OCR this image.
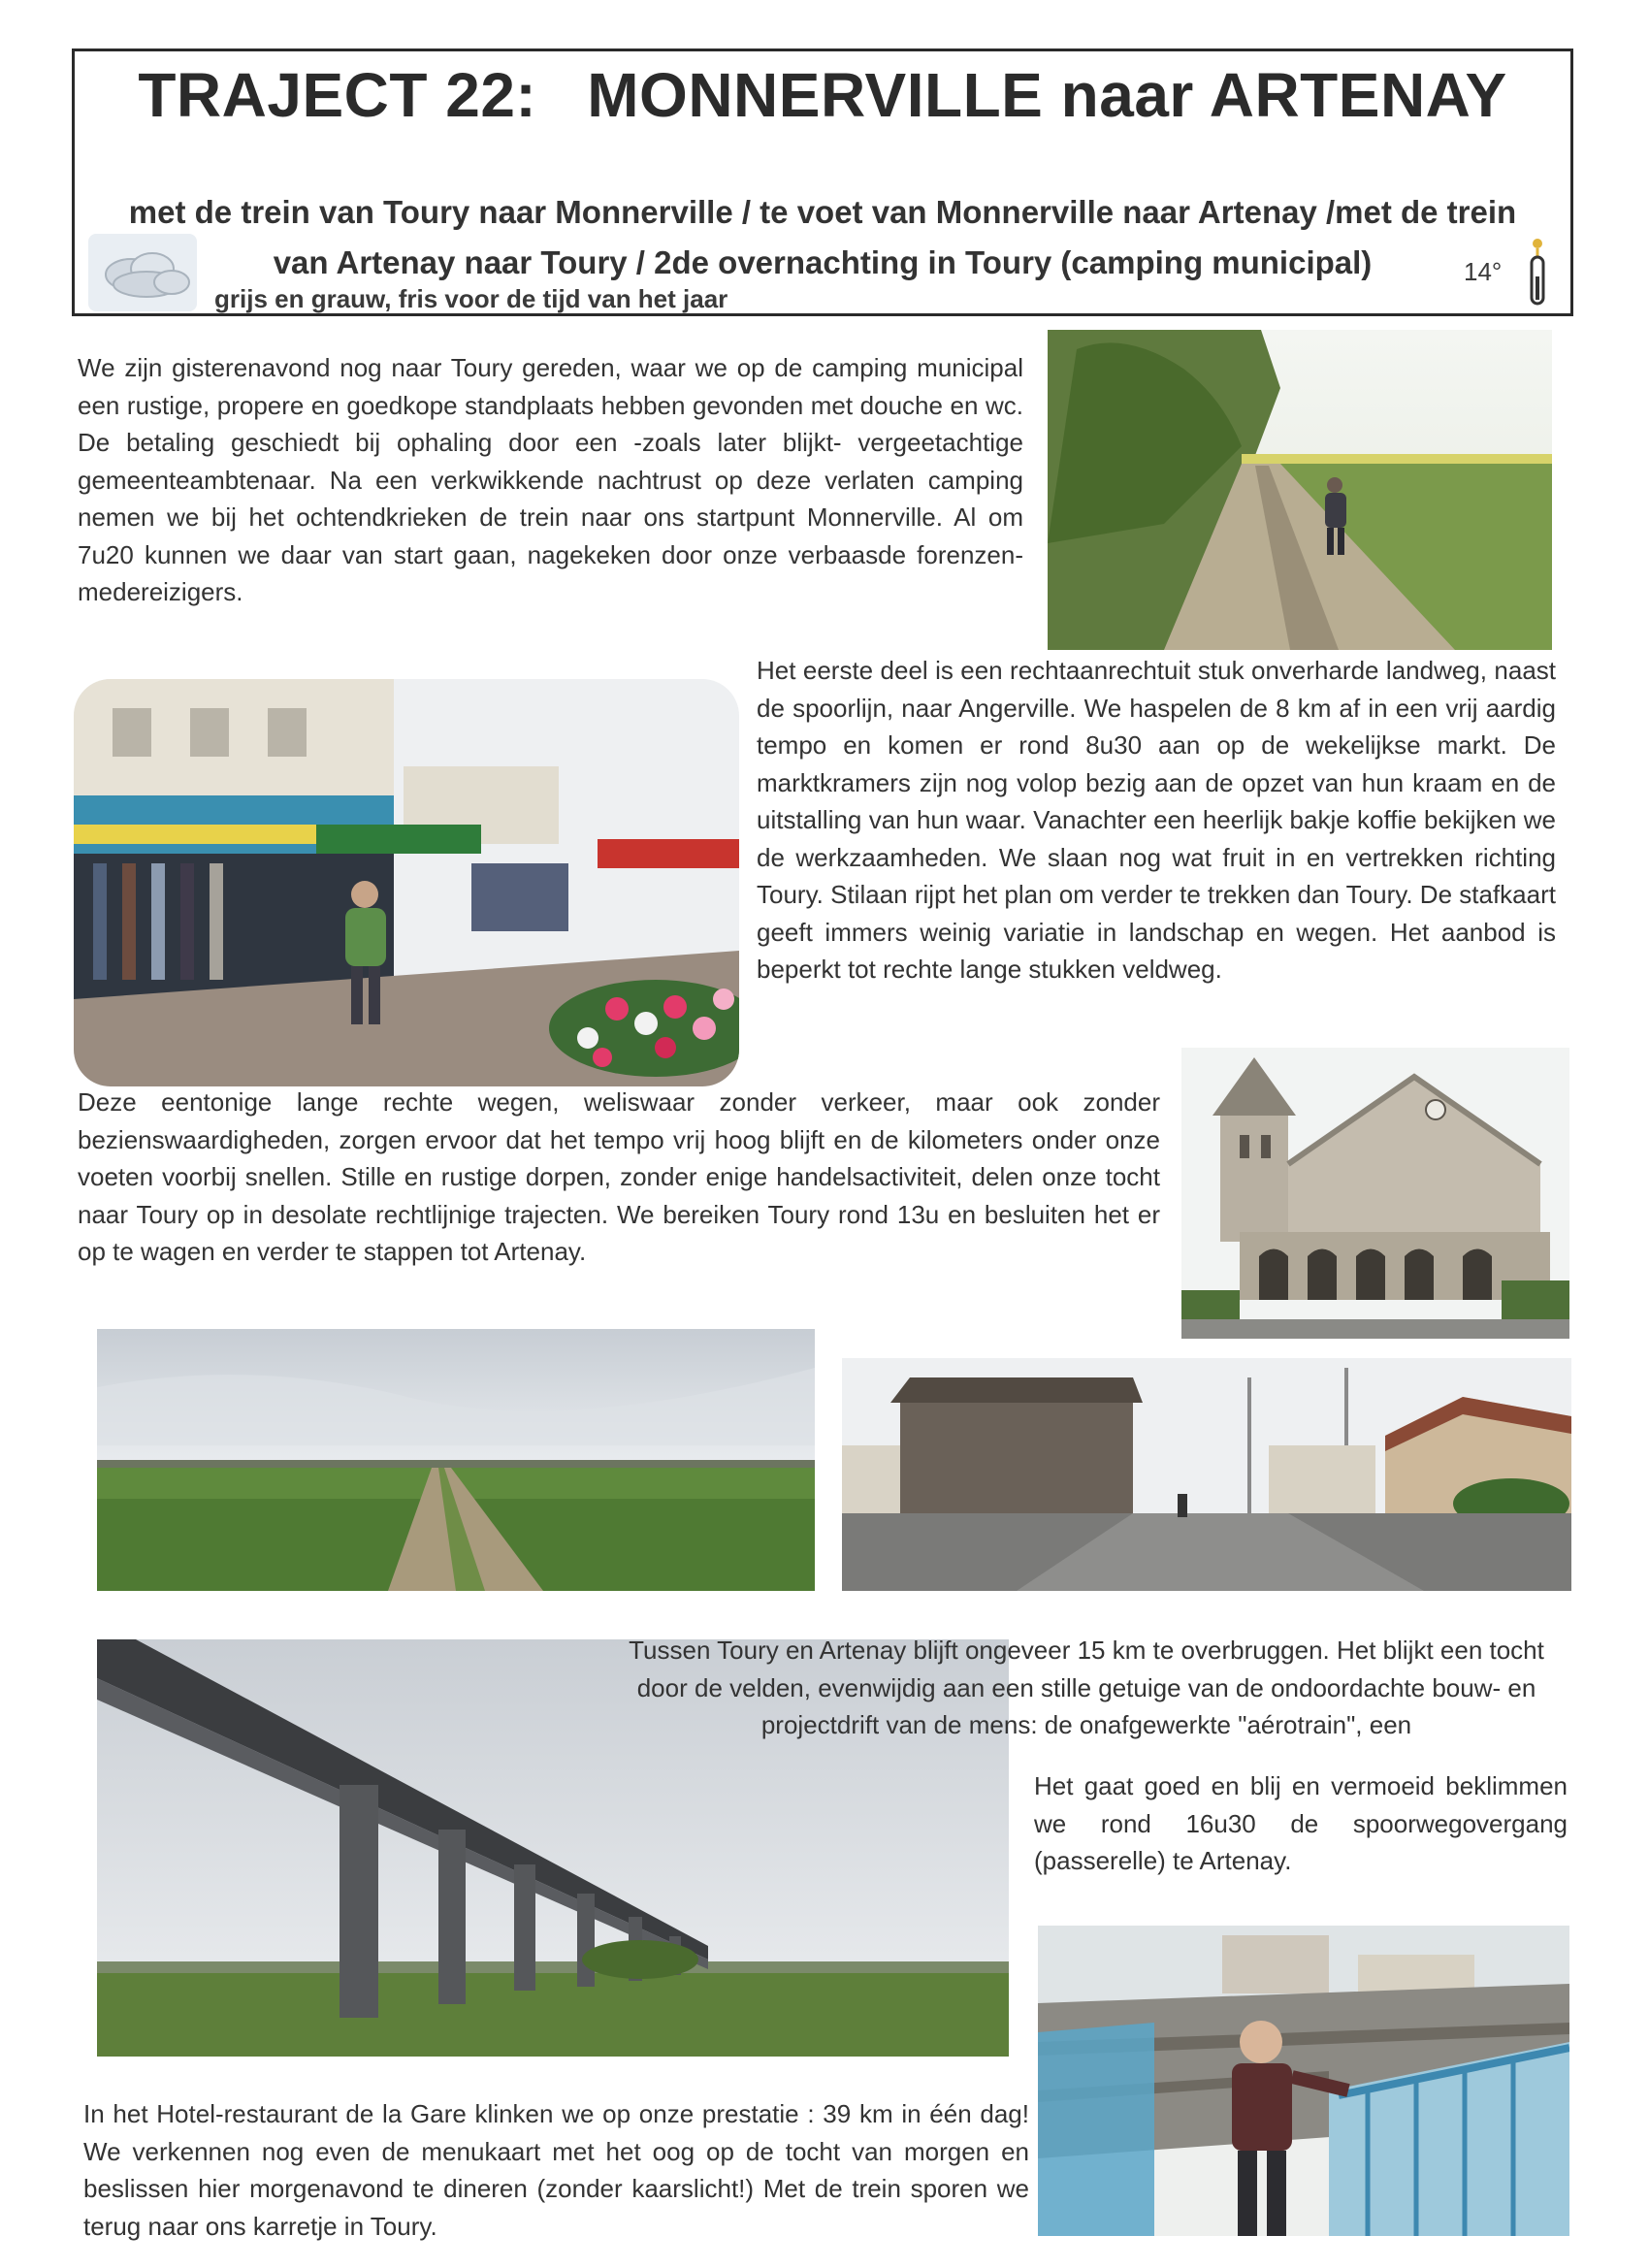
TRAJECT 22: MONNERVILLE naar ARTENAY
met de trein van Toury naar Monnerville / te voet van Monnerville naar Artenay /met de trein
van Artenay naar Toury / 2de overnachting in Toury (camping municipal)
grijs en grauw, fris voor de tijd van het jaar
14°

We zijn gisterenavond nog naar Toury gereden, waar we op de camping municipal een rustige, propere en goedkope standplaats hebben gevonden met douche en wc. De betaling geschiedt bij ophaling door een -zoals later blijkt- vergeetachtige gemeenteambtenaar. Na een verkwikkende nachtrust op deze verlaten camping nemen we bij het ochtendkrieken de trein naar ons startpunt Monnerville. Al om 7u20 kunnen we daar van start gaan, nagekeken door onze verbaasde forenzen-medereizigers.

Het eerste deel is een rechtaanrechtuit stuk onverharde landweg, naast de spoorlijn, naar Angerville. We haspelen de 8 km af in een vrij aardig tempo en komen er rond 8u30 aan op de wekelijkse markt. De marktkramers zijn nog volop bezig aan de opzet van hun kraam en de uitstalling van hun waar. Vanachter een heerlijk bakje koffie bekijken we de werkzaamheden. We slaan nog wat fruit in en vertrekken richting Toury. Stilaan rijpt het plan om verder te trekken dan Toury. De stafkaart geeft immers weinig variatie in landschap en wegen. Het aanbod is beperkt tot rechte lange stukken veldweg.

Deze eentonige lange rechte wegen, weliswaar zonder verkeer, maar ook zonder bezienswaardigheden, zorgen ervoor dat het tempo vrij hoog blijft en de kilometers onder onze voeten voorbij snellen. Stille en rustige dorpen, zonder enige handelsactiviteit, delen onze tocht naar Toury op in desolate rechtlijnige trajecten. We bereiken Toury rond 13u en besluiten het er op te wagen en verder te stappen tot Artenay.

Tussen Toury en Artenay blijft ongeveer 15 km te overbruggen. Het blijkt een tocht door de velden, evenwijdig aan een stille getuige van de ondoordachte bouw- en projectdrift van de mens: de onafgewerkte "aérotrain", een

Het gaat goed en blij en vermoeid beklimmen we rond 16u30 de spoorwegovergang (passerelle) te Artenay.

In het Hotel-restaurant de la Gare klinken we op onze prestatie : 39 km in één dag! We verkennen nog even de menukaart met het oog op de tocht van morgen en beslissen hier morgenavond te dineren (zonder kaarslicht!) Met de trein sporen we terug naar ons karretje in Toury.
